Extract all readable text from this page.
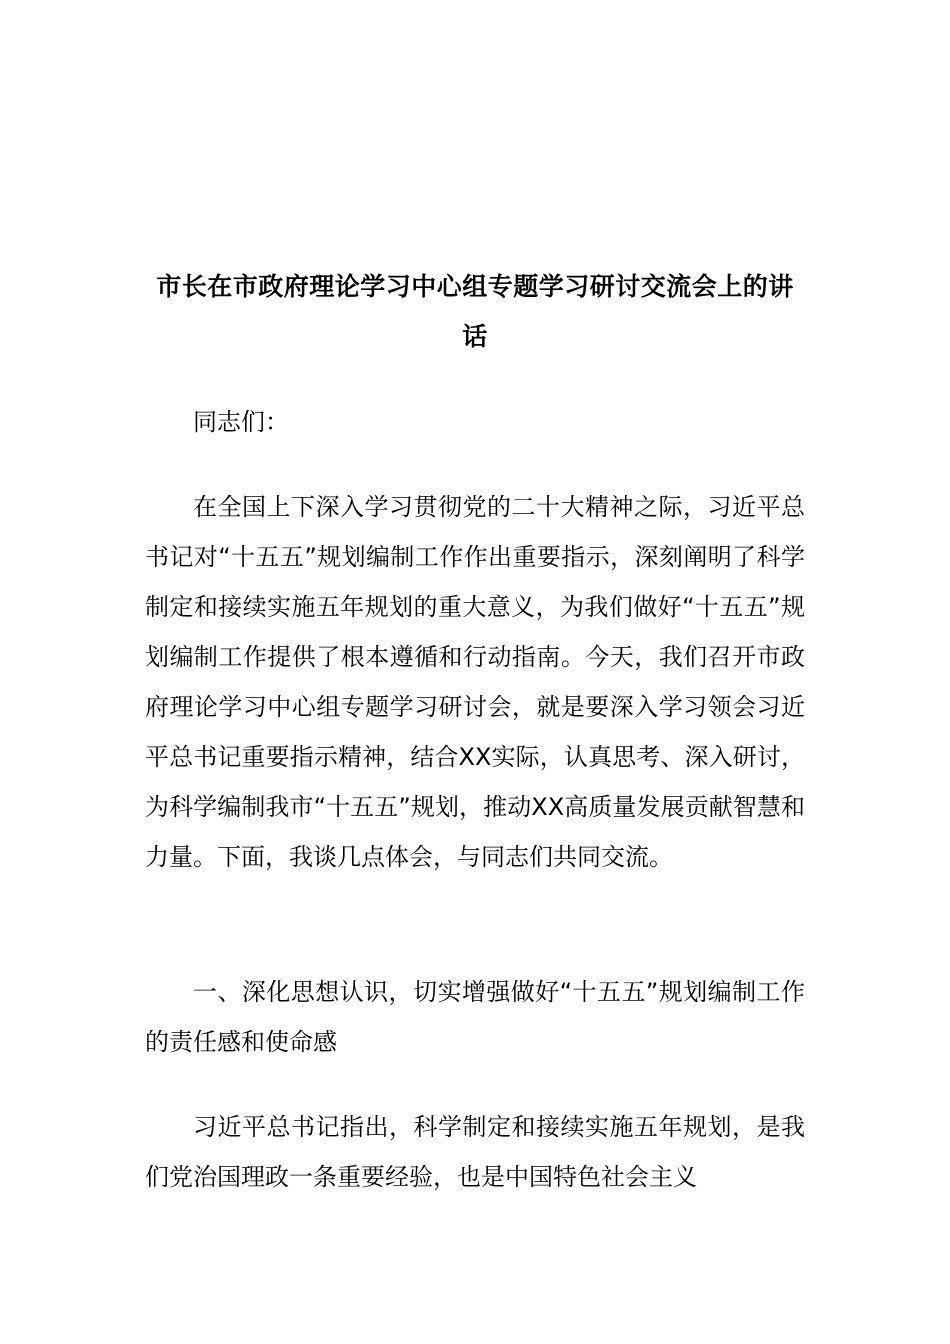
市长在市政府理论学习中心组专题学习研讨交流会上的讲话

同志们：

在全国上下深入学习贯彻党的二十大精神之际，习近平总书记对“十五五”规划编制工作作出重要指示，深刻阐明了科学制定和接续实施五年规划的重大意义，为我们做好“十五五”规划编制工作提供了根本遵循和行动指南。今天，我们召开市政府理论学习中心组专题学习研讨会，就是要深入学习领会习近平总书记重要指示精神，结合XX实际，认真思考、深入研讨，为科学编制我市“十五五”规划，推动XX高质量发展贡献智慧和力量。下面，我谈几点体会，与同志们共同交流。

一、深化思想认识，切实增强做好“十五五”规划编制工作的责任感和使命感

习近平总书记指出，科学制定和接续实施五年规划，是我们党治国理政一条重要经验，也是中国特色社会主义
